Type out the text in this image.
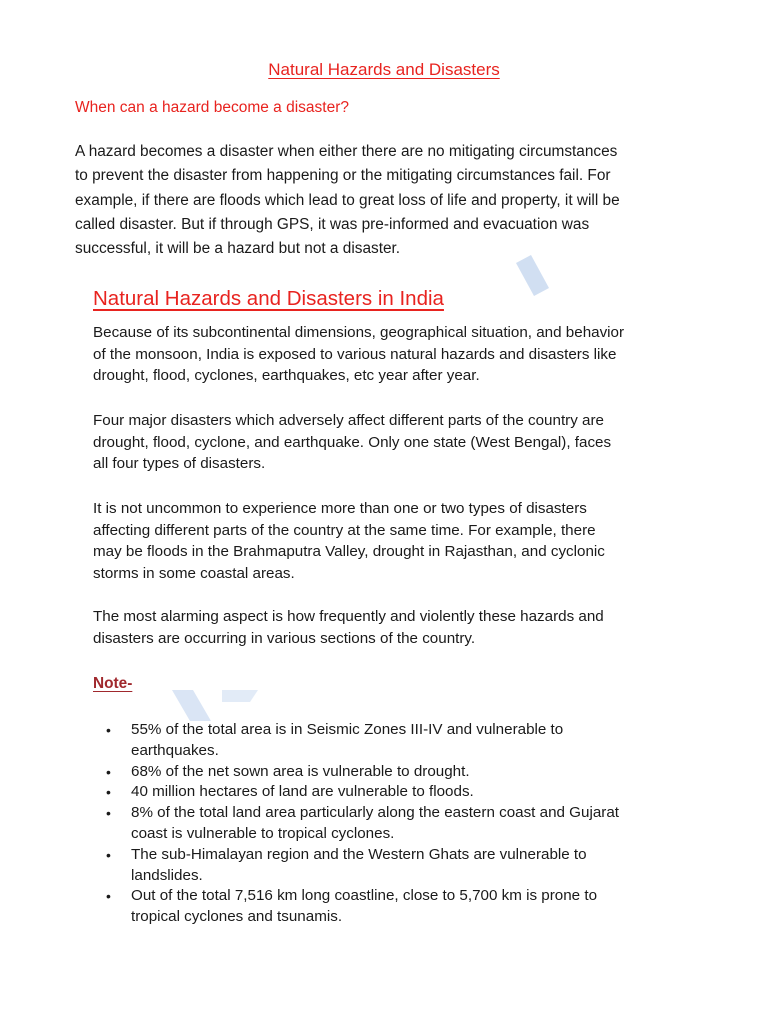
Natural Hazards and Disasters
When can a hazard become a disaster?
A hazard becomes a disaster when either there are no mitigating circumstances
to prevent the disaster from happening or the mitigating circumstances fail. For
example, if there are floods which lead to great loss of life and property, it will be
called disaster. But if through GPS, it was pre-informed and evacuation was
successful, it will be a hazard but not a disaster.
Natural Hazards and Disasters in India
Because of its subcontinental dimensions, geographical situation, and behavior
of the monsoon, India is exposed to various natural hazards and disasters like
drought, flood, cyclones, earthquakes, etc year after year.
Four major disasters which adversely affect different parts of the country are
drought, flood, cyclone, and earthquake. Only one state (West Bengal), faces
all four types of disasters.
It is not uncommon to experience more than one or two types of disasters
affecting different parts of the country at the same time. For example, there
may be floods in the Brahmaputra Valley, drought in Rajasthan, and cyclonic
storms in some coastal areas.
The most alarming aspect is how frequently and violently these hazards and
disasters are occurring in various sections of the country.
Note-
• 55% of the total area is in Seismic Zones III-IV and vulnerable to
earthquakes.
• 68% of the net sown area is vulnerable to drought.
• 40 million hectares of land are vulnerable to floods.
• 8% of the total land area particularly along the eastern coast and Gujarat
coast is vulnerable to tropical cyclones.
• The sub-Himalayan region and the Western Ghats are vulnerable to
landslides.
• Out of the total 7,516 km long coastline, close to 5,700 km is prone to
tropical cyclones and tsunamis.
